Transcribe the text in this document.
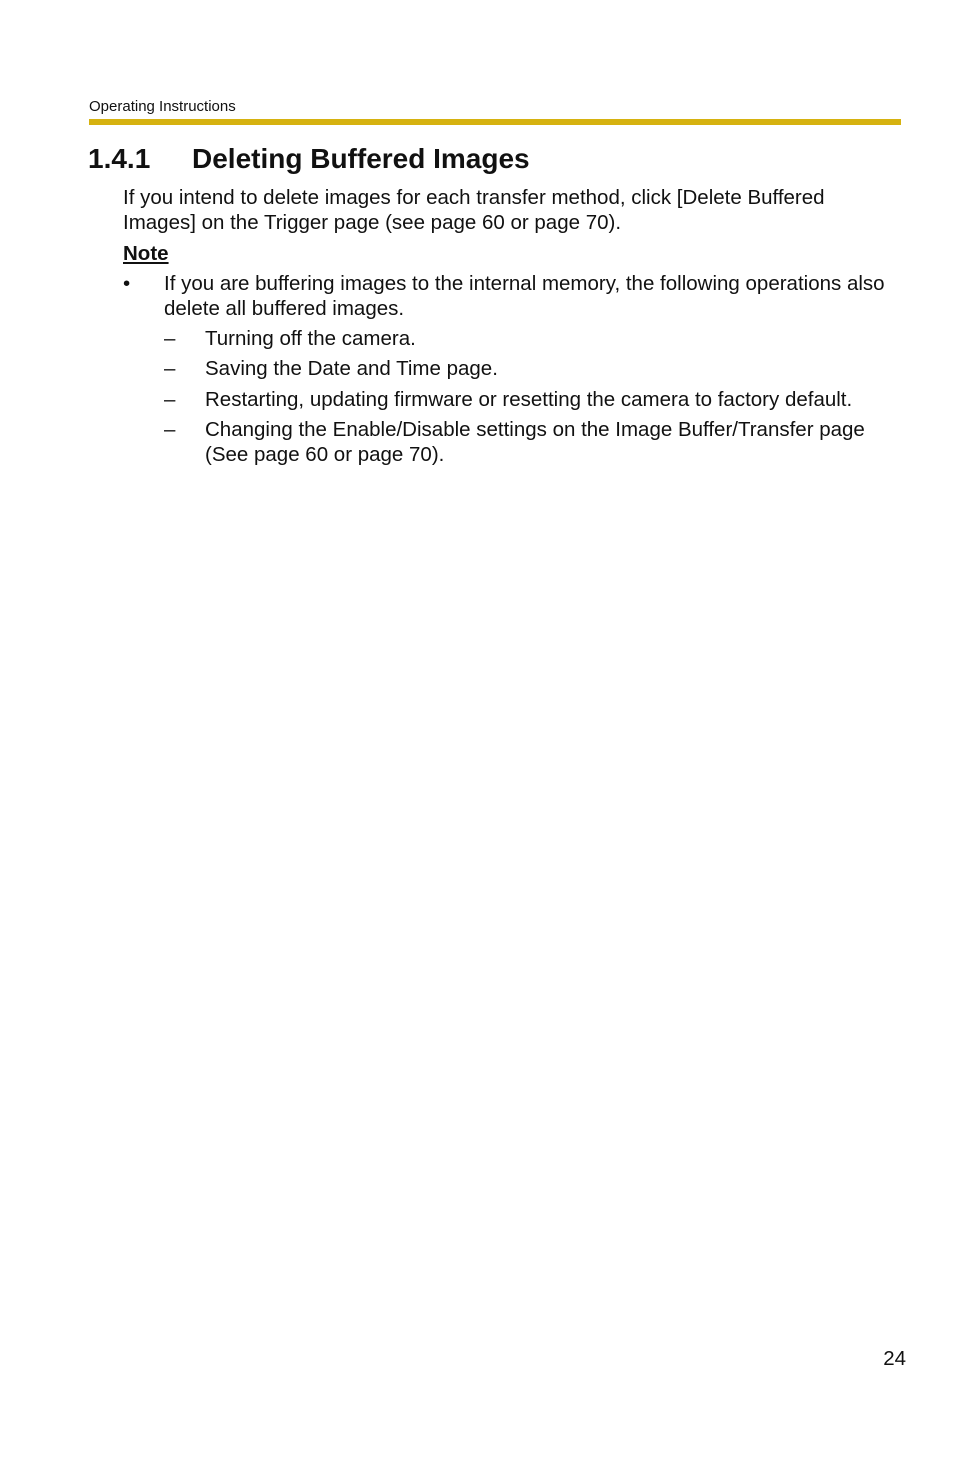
Operating Instructions
1.4.1 Deleting Buffered Images

If you intend to delete images for each transfer method, click [Delete Buffered Images] on the Trigger page (see page 60 or page 70).

Note
• If you are buffering images to the internal memory, the following operations also delete all buffered images.
– Turning off the camera.
– Saving the Date and Time page.
– Restarting, updating firmware or resetting the camera to factory default.
– Changing the Enable/Disable settings on the Image Buffer/Transfer page (See page 60 or page 70).
24
